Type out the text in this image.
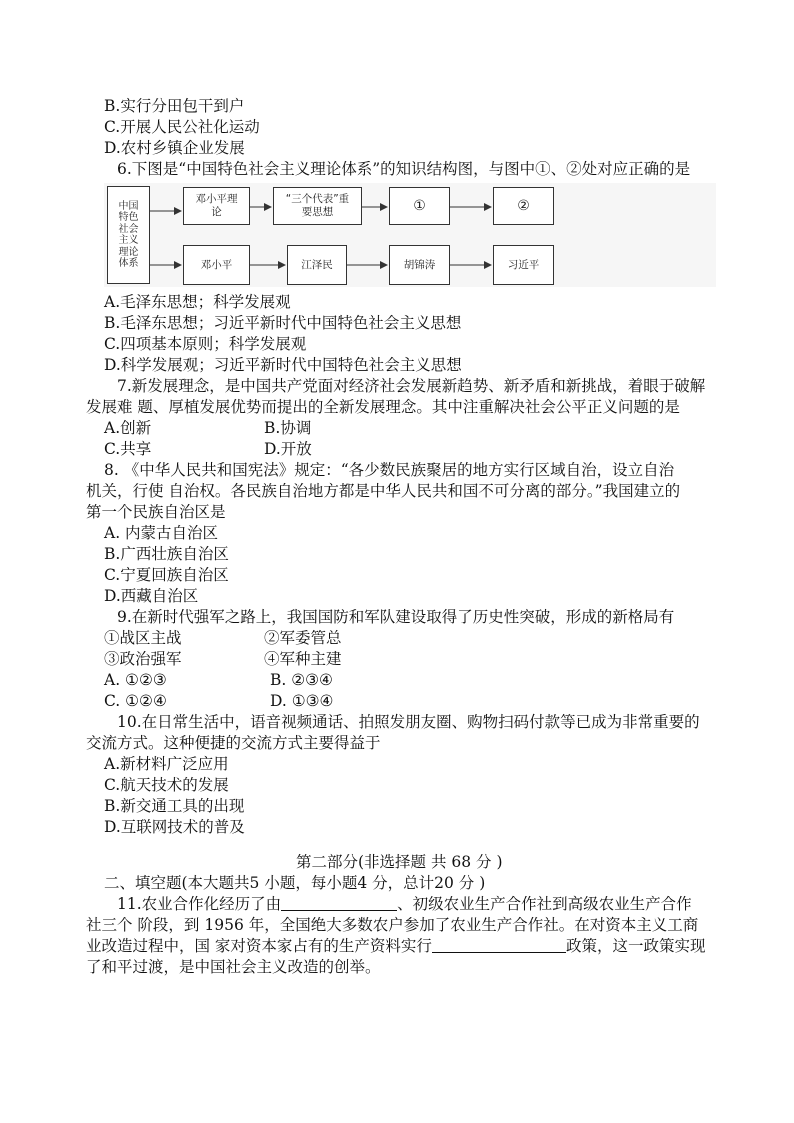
B.实行分田包干到户
C.开展人民公社化运动
D.农村乡镇企业发展
6.下图是“中国特色社会主义理论体系”的知识结构图，与图中①、②处对应正确的是
中国特色社会主义理论体系
邓小平理论
“三个代表”重要思想	①	②
邓小平	江泽民	胡锦涛	习近平
A.毛泽东思想；科学发展观
B.毛泽东思想；习近平新时代中国特色社会主义思想
C.四项基本原则；科学发展观
D.科学发展观；习近平新时代中国特色社会主义思想
7.新发展理念，是中国共产党面对经济社会发展新趋势、新矛盾和新挑战，着眼于破解
发展难 题、厚植发展优势而提出的全新发展理念。其中注重解决社会公平正义问题的是
A.创新	B.协调
C.共享	D.开放
8. 《中华人民共和国宪法》规定：“各少数民族聚居的地方实行区域自治，设立自治
机关，行使 自治权。各民族自治地方都是中华人民共和国不可分离的部分。”我国建立的
第一个民族自治区是
A. 内蒙古自治区
B.广西壮族自治区
C.宁夏回族自治区
D.西藏自治区
9.在新时代强军之路上，我国国防和军队建设取得了历史性突破，形成的新格局有
①战区主战	②军委管总
③政治强军	④军种主建
A. ①②③	B. ②③④
C. ①②④	D. ①③④
10.在日常生活中，语音视频通话、拍照发朋友圈、购物扫码付款等已成为非常重要的
交流方式。这种便捷的交流方式主要得益于
A.新材料广泛应用
C.航天技术的发展
B.新交通工具的出现
D.互联网技术的普及
第二部分(非选择题 共 68 分 )
二、填空题(本大题共5 小题，每小题4 分，总计20 分 )
11.农业合作化经历了由	、初级农业生产合作社到高级农业生产合作
社三个 阶段，到 1956 年，全国绝大多数农户参加了农业生产合作社。在对资本主义工商
业改造过程中，国 家对资本家占有的生产资料实行	政策，这一政策实现
了和平过渡，是中国社会主义改造的创举。
